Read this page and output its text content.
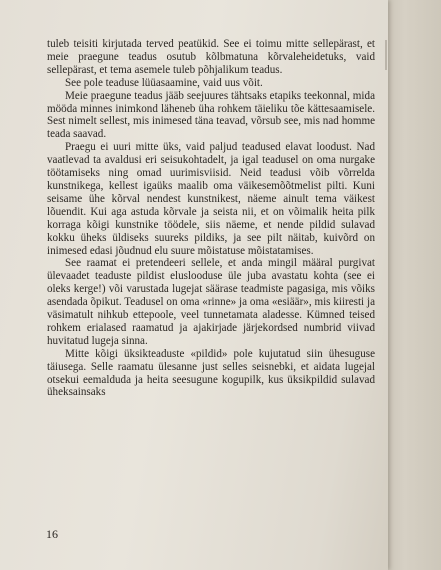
tuleb teisiti kirjutada terved peatükid. See ei toimu mitte sellepärast, et meie praegune teadus osutub kõlbmatuna kõrvaleheidetuks, vaid sellepärast, et tema asemele tuleb põhjalikum teadus.

See pole teaduse lüüasaamine, vaid uus võit.

Meie praegune teadus jääb seejuures tähtsaks etapiks teekonnal, mida mööda minnes inimkond läheneb üha rohkem täieliku tõe kättesaamisele. Sest nimelt sellest, mis inimesed täna teavad, võrsub see, mis nad homme teada saavad.

Praegu ei uuri mitte üks, vaid paljud teadused elavat loodust. Nad vaatlevad ta avaldusi eri seisukohtadelt, ja igal teadusel on oma nurgake töötamiseks ning omad uurimisviisid. Neid teadusi võib võrrelda kunstnikega, kellest igaüks maalib oma väikesemõõtmelist pilti. Kuni seisame ühe kõrval nendest kunstnikest, näeme ainult tema väikest lõuendit. Kui aga astuda kõrvale ja seista nii, et on võimalik heita pilk korraga kõigi kunstnike töödele, siis näeme, et nende pildid sulavad kokku üheks üldiseks suureks pildiks, ja see pilt näitab, kuivõrd on inimesed edasi jõudnud elu suure mõistatuse mõistatamises.

See raamat ei pretendeeri sellele, et anda mingil määral purgivat ülevaadet teaduste pildist elusloodusе üle juba avastatu kohta (see ei oleks kerge!) või varustada lugejat säärase teadmiste pagasiga, mis võiks asendada õpikut. Teadusel on oma «rinne» ja oma «esiäär», mis kiiresti ja väsimatult nihkub ettepoole, veel tunnetamata aladesse. Kümned teised rohkem erialased raamatud ja ajakirjade järjekordsed numbrid viivad huvitatud lugeja sinna.

Mitte kõigi üksikteaduste «pildid» pole kujutatud siin ühesuguse täiusega. Selle raamatu ülesanne just selles seisnebki, et aidata lugejal otsekui eemalduda ja heita seesugune kogupilk, kus üksikpildid sulavad üheksainsaks

16
